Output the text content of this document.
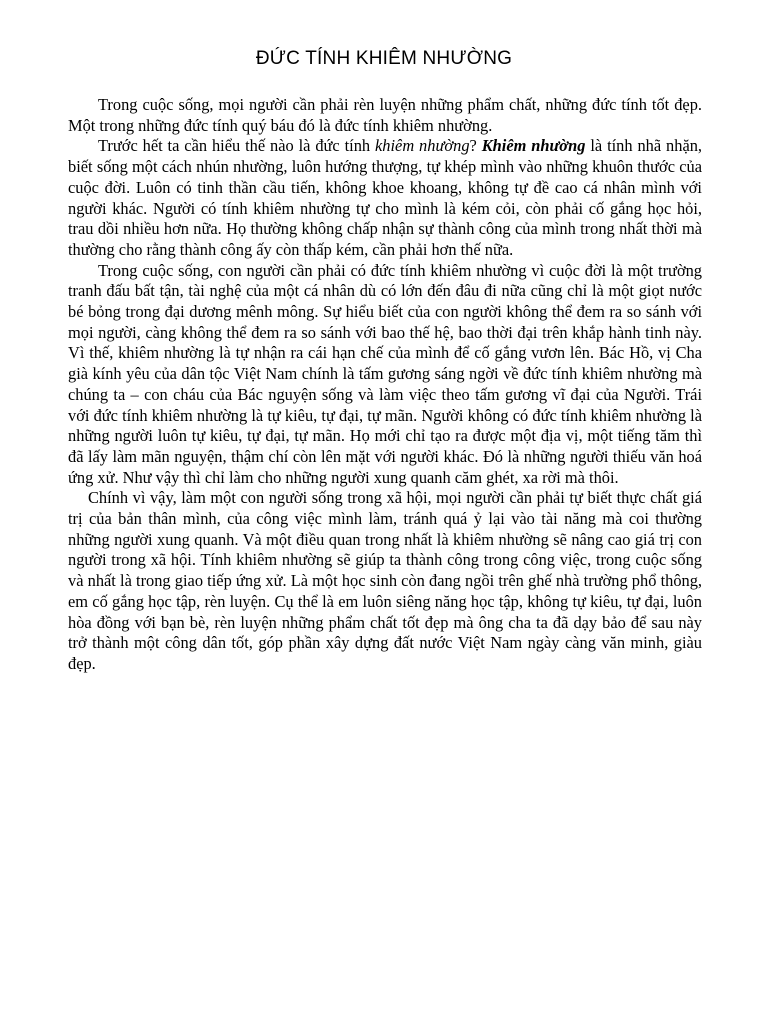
ĐỨC TÍNH KHIÊM NHƯỜNG

Trong cuộc sống, mọi người cần phải rèn luyện những phẩm chất, những đức tính tốt đẹp. Một trong những đức tính quý báu đó là đức tính khiêm nhường.

Trước hết ta cần hiểu thế nào là đức tính khiêm nhường? Khiêm nhường là tính nhã nhặn, biết sống một cách nhún nhường, luôn hướng thượng, tự khép mình vào những khuôn thước của cuộc đời. Luôn có tinh thần cầu tiến, không khoe khoang, không tự đề cao cá nhân mình với người khác. Người có tính khiêm nhường tự cho mình là kém cỏi, còn phải cố gắng học hỏi, trau dồi nhiều hơn nữa. Họ thường không chấp nhận sự thành công của mình trong nhất thời mà thường cho rằng thành công ấy còn thấp kém, cần phải hơn thế nữa.

Trong cuộc sống, con người cần phải có đức tính khiêm nhường vì cuộc đời là một trường tranh đấu bất tận, tài nghệ của một cá nhân dù có lớn đến đâu đi nữa cũng chỉ là một giọt nước bé bỏng trong đại dương mênh mông. Sự hiểu biết của con người không thể đem ra so sánh với mọi người, càng không thể đem ra so sánh với bao thế hệ, bao thời đại trên khắp hành tinh này. Vì thế, khiêm nhường là tự nhận ra cái hạn chế của mình để cố gắng vươn lên. Bác Hồ, vị Cha già kính yêu của dân tộc Việt Nam chính là tấm gương sáng ngời về đức tính khiêm nhường mà chúng ta – con cháu của Bác nguyện sống và làm việc theo tấm gương vĩ đại của Người. Trái với đức tính khiêm nhường là tự kiêu, tự đại, tự mãn. Người không có đức tính khiêm nhường là những người luôn tự kiêu, tự đại, tự mãn. Họ mới chỉ tạo ra được một địa vị, một tiếng tăm thì đã lấy làm mãn nguyện, thậm chí còn lên mặt với người khác. Đó là những người thiếu văn hoá ứng xử. Như vậy thì chỉ làm cho những người xung quanh căm ghét, xa rời mà thôi.

Chính vì vậy, làm một con người sống trong xã hội, mọi người cần phải tự biết thực chất giá trị của bản thân mình, của công việc mình làm, tránh quá ỷ lại vào tài năng mà coi thường những người xung quanh. Và một điều quan trong nhất là khiêm nhường sẽ nâng cao giá trị con người trong xã hội. Tính khiêm nhường sẽ giúp ta thành công trong công việc, trong cuộc sống và nhất là trong giao tiếp ứng xử. Là một học sinh còn đang ngồi trên ghế nhà trường phổ thông, em cố gắng học tập, rèn luyện. Cụ thể là em luôn siêng năng học tập, không tự kiêu, tự đại, luôn hòa đồng với bạn bè, rèn luyện những phẩm chất tốt đẹp mà ông cha ta đã dạy bảo để sau này trở thành một công dân tốt, góp phần xây dựng đất nước Việt Nam ngày càng văn minh, giàu đẹp.
